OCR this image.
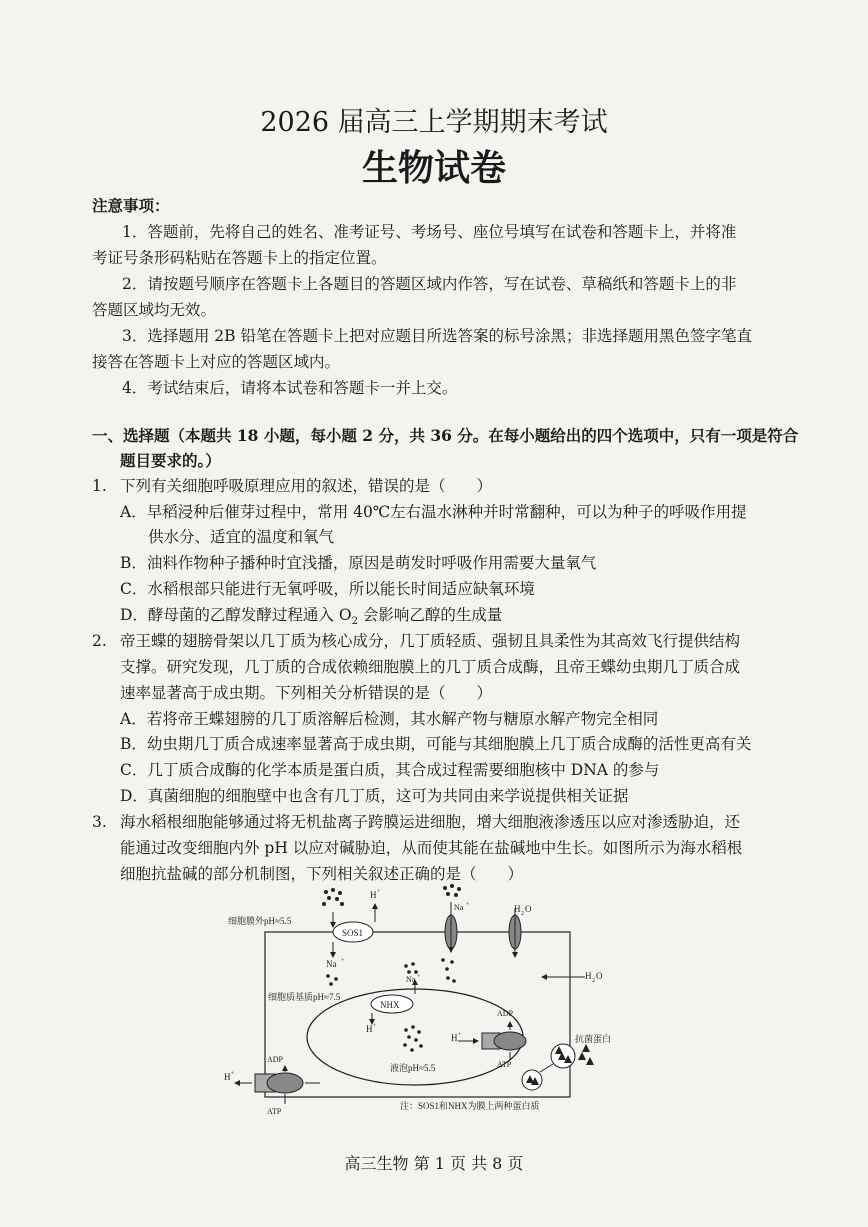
2026 届高三上学期期末考试
生物试卷
注意事项：
1．答题前，先将自己的姓名、准考证号、考场号、座位号填写在试卷和答题卡上，并将准
考证号条形码粘贴在答题卡上的指定位置。
2．请按题号顺序在答题卡上各题目的答题区域内作答，写在试卷、草稿纸和答题卡上的非
答题区域均无效。
3．选择题用 2B 铅笔在答题卡上把对应题目所选答案的标号涂黑；非选择题用黑色签字笔直
接答在答题卡上对应的答题区域内。
4．考试结束后，请将本试卷和答题卡一并上交。
一、选择题（本题共 18 小题，每小题 2 分，共 36 分。在每小题给出的四个选项中，只有一项是符合
题目要求的。）
1. 下列有关细胞呼吸原理应用的叙述，错误的是（　　）
A．早稻浸种后催芽过程中，常用 40℃左右温水淋种并时常翻种，可以为种子的呼吸作用提
供水分、适宜的温度和氧气
B．油料作物种子播种时宜浅播，原因是萌发时呼吸作用需要大量氧气
C．水稻根部只能进行无氧呼吸，所以能长时间适应缺氧环境
D．酵母菌的乙醇发酵过程通入 $O_2$ 会影响乙醇的生成量
2. 帝王蝶的翅膀骨架以几丁质为核心成分，几丁质轻质、强韧且具柔性为其高效飞行提供结构
支撑。研究发现，几丁质的合成依赖细胞膜上的几丁质合成酶，且帝王蝶幼虫期几丁质合成
速率显著高于成虫期。下列相关分析错误的是（　　）
A．若将帝王蝶翅膀的几丁质溶解后检测，其水解产物与糖原水解产物完全相同
B．幼虫期几丁质合成速率显著高于成虫期，可能与其细胞膜上几丁质合成酶的活性更高有关
C．几丁质合成酶的化学本质是蛋白质，其合成过程需要细胞核中 DNA 的参与
D．真菌细胞的细胞壁中也含有几丁质，这可为共同由来学说提供相关证据
3. 海水稻根细胞能够通过将无机盐离子跨膜运进细胞，增大细胞液渗透压以应对渗透胁迫，还
能通过改变细胞内外 pH 以应对碱胁迫，从而使其能在盐碱地中生长。如图所示为海水稻根
细胞抗盐碱的部分机制图，下列相关叙述正确的是（　　）
细胞膜外pH≈5.5
SOS1
H +
Na +
Na +	H 2 O
H 2 O
细胞质基质pH≈7.5
Na +
NHX
H +
H +
ADP
ATP
液泡pH≈5.5
H +
ADP
ATP
抗菌蛋白
注：SOS1和NHX为膜上两种蛋白质
高三生物 第 1 页 共 8 页
